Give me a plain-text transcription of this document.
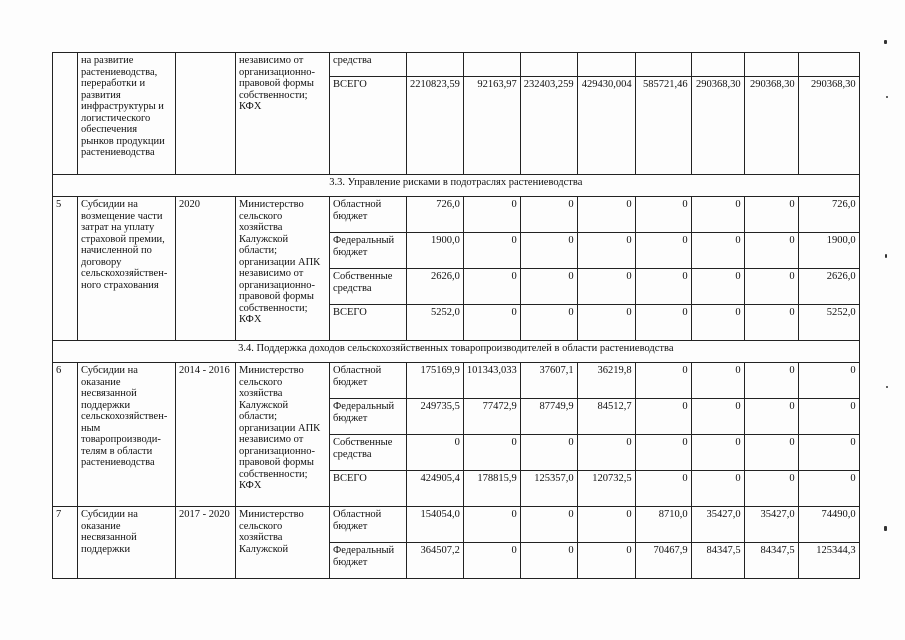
	на развитие растениеводства, переработки и развития инфраструктуры и логистического обеспечения рынков продукции растениеводства		независимо от организационно-правовой формы собственности; КФХ	средства								
				ВСЕГО	2210823,59	92163,97	232403,259	429430,004	585721,46	290368,30	290368,30	290368,30
3.3. Управление рисками в подотраслях растениеводства												
5	Субсидии на возмещение части затрат на уплату страховой премии, начисленной по договору сельскохозяйствен-ного страхования	2020	Министерство сельского хозяйства Калужской области; организации АПК независимо от организационно-правовой формы собственности; КФХ	Областной бюджет	726,0	0	0	0	0	0	0	726,0
				Федеральный бюджет	1900,0	0	0	0	0	0	0	1900,0
				Собственные средства	2626,0	0	0	0	0	0	0	2626,0
				ВСЕГО	5252,0	0	0	0	0	0	0	5252,0
3.4. Поддержка доходов сельскохозяйственных товаропроизводителей в области растениеводства												
6	Субсидии на оказание несвязанной поддержки сельскохозяйствен-ным товаропроизводи-телям в области растениеводства	2014 - 2016	Министерство сельского хозяйства Калужской области; организации АПК независимо от организационно-правовой формы собственности; КФХ	Областной бюджет	175169,9	101343,033	37607,1	36219,8	0	0	0	0
				Федеральный бюджет	249735,5	77472,9	87749,9	84512,7	0	0	0	0
				Собственные средства	0	0	0	0	0	0	0	0
				ВСЕГО	424905,4	178815,9	125357,0	120732,5	0	0	0	0
7	Субсидии на оказание несвязанной поддержки	2017 - 2020	Министерство сельского хозяйства Калужской	Областной бюджет	154054,0	0	0	0	8710,0	35427,0	35427,0	74490,0
				Федеральный бюджет	364507,2	0	0	0	70467,9	84347,5	84347,5	125344,3
